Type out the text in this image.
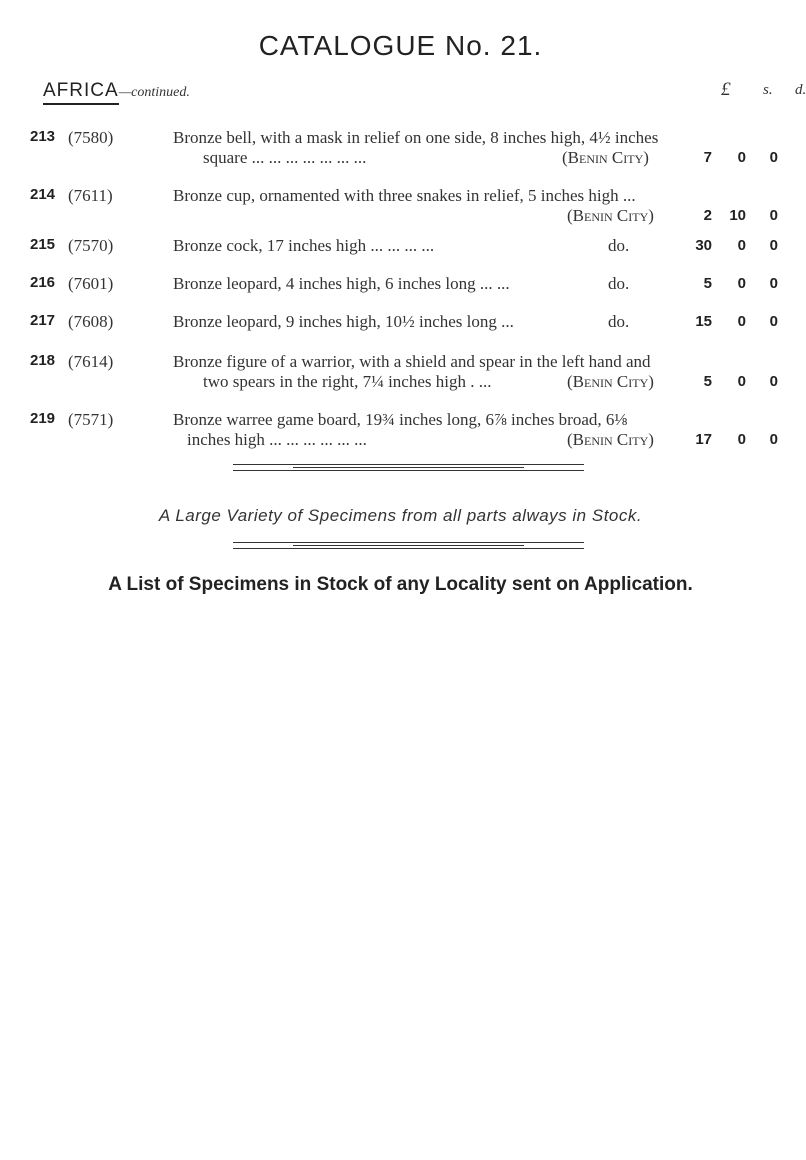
CATALOGUE No. 21.
AFRICA—continued.	£ s. d.
213 (7580)	Bronze bell, with a mask in relief on one side, 8 inches high, 4½ inches
square ... ... ... ... ... ... ...	(Benin City)	7	0	0
214 (7611)	Bronze cup, ornamented with three snakes in relief, 5 inches high ...
(Benin City)	2	10	0
215 (7570)	Bronze cock, 17 inches high ... ... ... ...	do.	30	0	0
216 (7601)	Bronze leopard, 4 inches high, 6 inches long ... ...	do.	5	0	0
217 (7608)	Bronze leopard, 9 inches high, 10½ inches long ...	do.	15	0	0
218 (7614)	Bronze figure of a warrior, with a shield and spear in the left hand and
two spears in the right, 7¼ inches high . ...	(Benin City)	5	0	0
219 (7571)	Bronze warree game board, 19¾ inches long, 6⅞ inches broad, 6⅛
inches high ... ... ... ... ... ...	(Benin City)	17	0	0
A Large Variety of Specimens from all parts always in Stock.
A List of Specimens in Stock of any Locality sent on Application.
